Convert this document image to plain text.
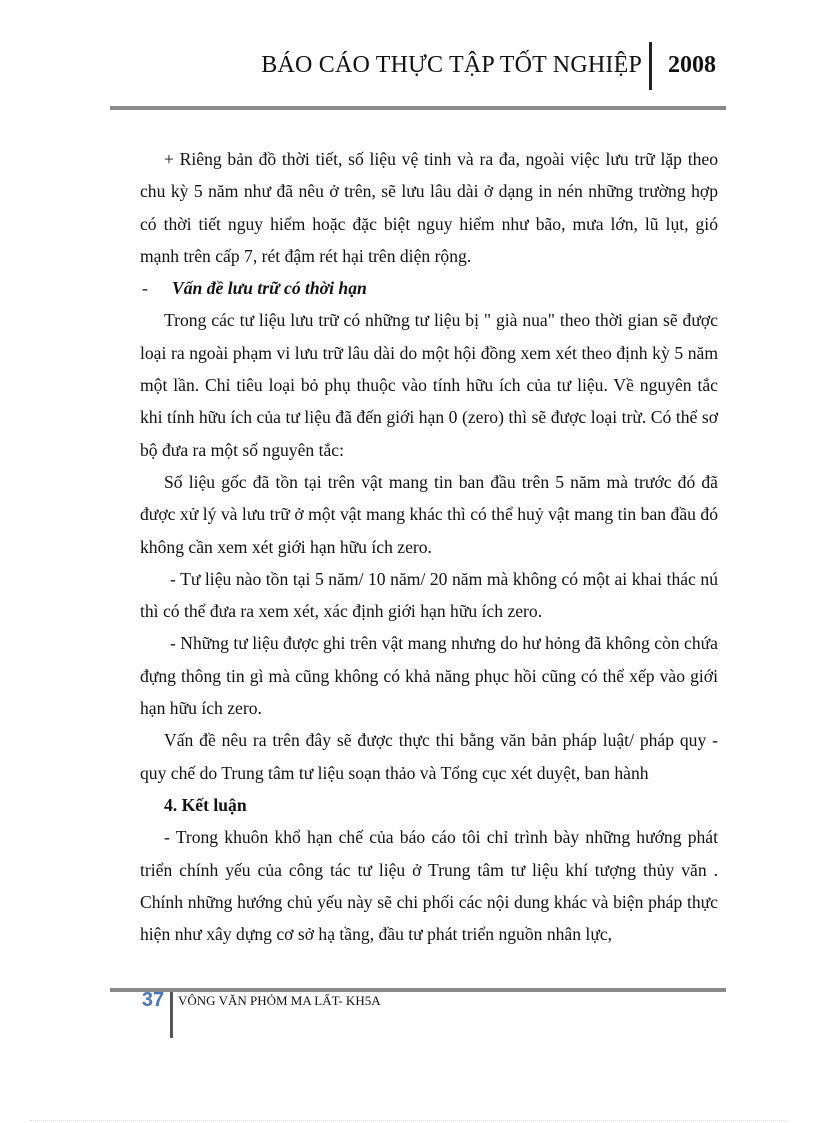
BÁO CÁO THỰC TẬP TỐT NGHIỆP 2008

+ Riêng bản đồ thời tiết, số liệu vệ tinh và ra đa, ngoài việc lưu trữ lặp theo chu kỳ 5 năm như đã nêu ở trên, sẽ lưu lâu dài ở dạng in nén những trường hợp có thời tiết nguy hiểm hoặc đặc biệt nguy hiểm như bão, mưa lớn, lũ lụt, gió mạnh trên cấp 7, rét đậm rét hại trên diện rộng.

- Vấn đề lưu trữ có thời hạn

Trong các tư liệu lưu trữ có những tư liệu bị " già nua" theo thời gian sẽ được loại ra ngoài phạm vi lưu trữ lâu dài do một hội đồng xem xét theo định kỳ 5 năm một lần. Chỉ tiêu loại bỏ phụ thuộc vào tính hữu ích của tư liệu. Về nguyên tắc khi tính hữu ích của tư liệu đã đến giới hạn 0 (zero) thì sẽ được loại trừ. Có thể sơ bộ đưa ra một số nguyên tắc:

Số liệu gốc đã tồn tại trên vật mang tin ban đầu trên 5 năm mà trước đó đã được xử lý và lưu trữ ở một vật mang khác thì có thể huỷ vật mang tin ban đầu đó không cần xem xét giới hạn hữu ích zero.

- Tư liệu nào tồn tại 5 năm/ 10 năm/ 20 năm mà không có một ai khai thác nú thì có thể đưa ra xem xét, xác định giới hạn hữu ích zero.

- Những tư liệu được ghi trên vật mang nhưng do hư hỏng đã không còn chứa đựng thông tin gì mà cũng không có khả năng phục hồi cũng có thể xếp vào giới hạn hữu ích zero.

Vấn đề nêu ra trên đây sẽ được thực thi bằng văn bản pháp luật/ pháp quy - quy chế do Trung tâm tư liệu soạn thảo và Tổng cục xét duyệt, ban hành

4. Kết luận

- Trong khuôn khổ hạn chế của báo cáo tôi chỉ trình bày những hướng phát triển chính yếu của công tác tư liệu ở Trung tâm tư liệu khí tượng thủy văn . Chính những hướng chủ yếu này sẽ chi phối các nội dung khác và biện pháp thực hiện như xây dựng cơ sở hạ tầng, đầu tư phát triển nguồn nhân lực,

37 VÔNG VĂN PHỎM MA LẤT- KH5A
